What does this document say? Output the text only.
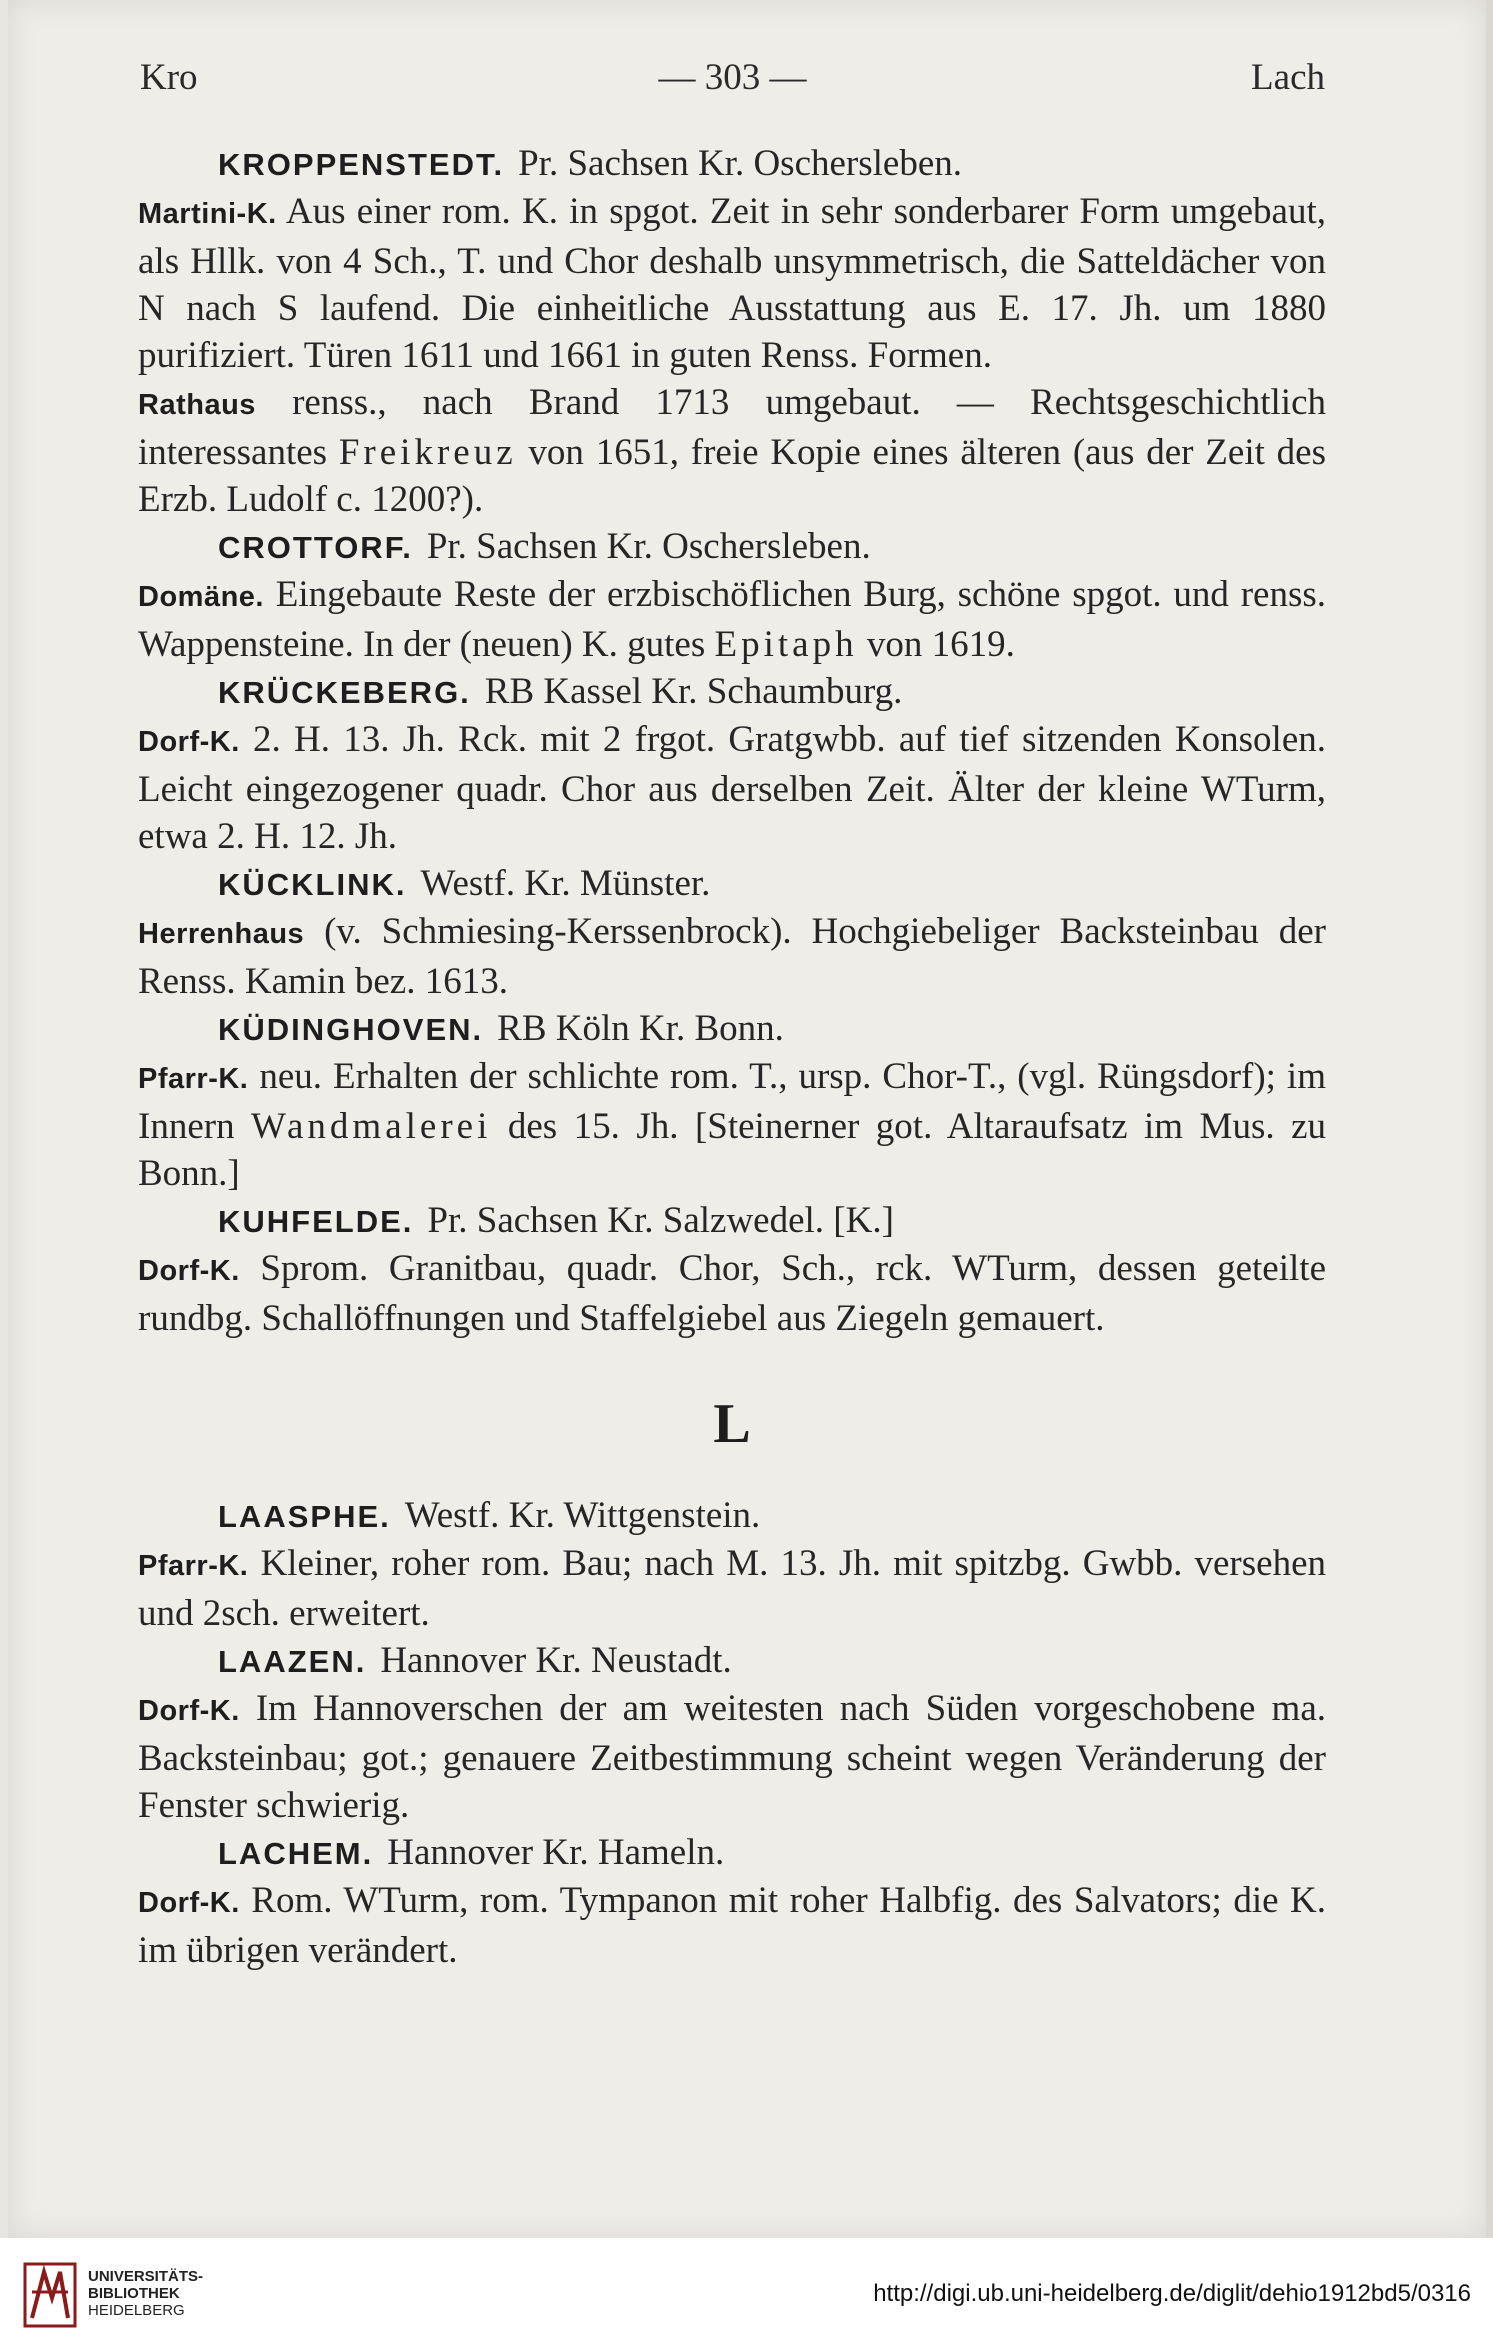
Kro	— 303 —	Lach
KROPPENSTEDT. Pr. Sachsen Kr. Oschersleben.

Martini-K. Aus einer rom. K. in spgot. Zeit in sehr sonderbarer Form umgebaut, als Hllk. von 4 Sch., T. und Chor deshalb unsymmetrisch, die Satteldächer von N nach S laufend. Die einheitliche Ausstattung aus E. 17. Jh. um 1880 purifiziert. Türen 1611 und 1661 in guten Renss. Formen.

Rathaus renss., nach Brand 1713 umgebaut. — Rechtsgeschichtlich interessantes Freikreuz von 1651, freie Kopie eines älteren (aus der Zeit des Erzb. Ludolf c. 1200?).

CROTTORF. Pr. Sachsen Kr. Oschersleben.

Domäne. Eingebaute Reste der erzbischöflichen Burg, schöne spgot. und renss. Wappensteine. In der (neuen) K. gutes Epitaph von 1619.

KRÜCKEBERG. RB Kassel Kr. Schaumburg.

Dorf-K. 2. H. 13. Jh. Rck. mit 2 frgot. Gratgwbb. auf tief sitzenden Konsolen. Leicht eingezogener quadr. Chor aus derselben Zeit. Älter der kleine WTurm, etwa 2. H. 12. Jh.

KÜCKLINK. Westf. Kr. Münster.

Herrenhaus (v. Schmiesing-Kerssenbrock). Hochgiebeliger Backsteinbau der Renss. Kamin bez. 1613.

KÜDINGHOVEN. RB Köln Kr. Bonn.

Pfarr-K. neu. Erhalten der schlichte rom. T., ursp. Chor-T., (vgl. Rüngsdorf); im Innern Wandmalerei des 15. Jh. [Steinerner got. Altaraufsatz im Mus. zu Bonn.]

KUHFELDE. Pr. Sachsen Kr. Salzwedel. [K.]

Dorf-K. Sprom. Granitbau, quadr. Chor, Sch., rck. WTurm, dessen geteilte rundbg. Schallöffnungen und Staffelgiebel aus Ziegeln gemauert.

L
LAASPHE. Westf. Kr. Wittgenstein.

Pfarr-K. Kleiner, roher rom. Bau; nach M. 13. Jh. mit spitzbg. Gwbb. versehen und 2sch. erweitert.

LAAZEN. Hannover Kr. Neustadt.

Dorf-K. Im Hannoverschen der am weitesten nach Süden vorgeschobene ma. Backsteinbau; got.; genauere Zeitbestimmung scheint wegen Veränderung der Fenster schwierig.

LACHEM. Hannover Kr. Hameln.

Dorf-K. Rom. WTurm, rom. Tympanon mit roher Halbfig. des Salvators; die K. im übrigen verändert.

UNIVERSITÄTS-
BIBLIOTHEK
HEIDELBERG
http://digi.ub.uni-heidelberg.de/diglit/dehio1912bd5/0316
